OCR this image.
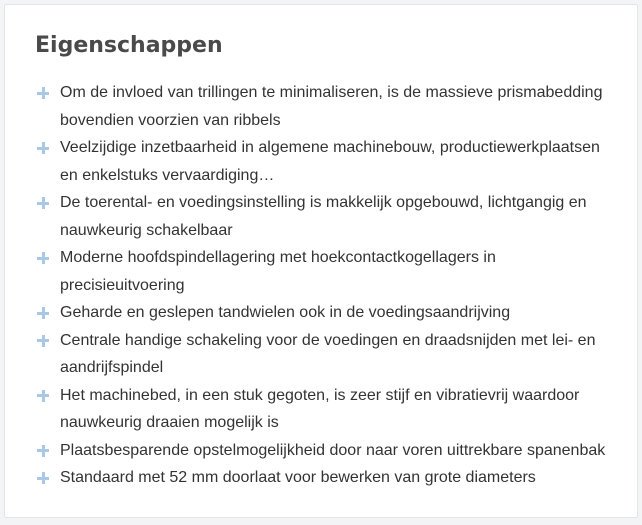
Eigenschappen
Om de invloed van trillingen te minimaliseren, is de massieve prismabedding bovendien voorzien van ribbels
Veelzijdige inzetbaarheid in algemene machinebouw, productiewerkplaatsen en enkelstuks vervaardiging…
De toerental- en voedingsinstelling is makkelijk opgebouwd, lichtgangig en nauwkeurig schakelbaar
Moderne hoofdspindellagering met hoekcontactkogellagers in precisieuitvoering
Geharde en geslepen tandwielen ook in de voedingsaandrijving
Centrale handige schakeling voor de voedingen en draadsnijden met lei- en aandrijfspindel
Het machinebed, in een stuk gegoten, is zeer stijf en vibratievrij waardoor nauwkeurig draaien mogelijk is
Plaatsbesparende opstelmogelijkheid door naar voren uittrekbare spanenbak
Standaard met 52 mm doorlaat voor bewerken van grote diameters
